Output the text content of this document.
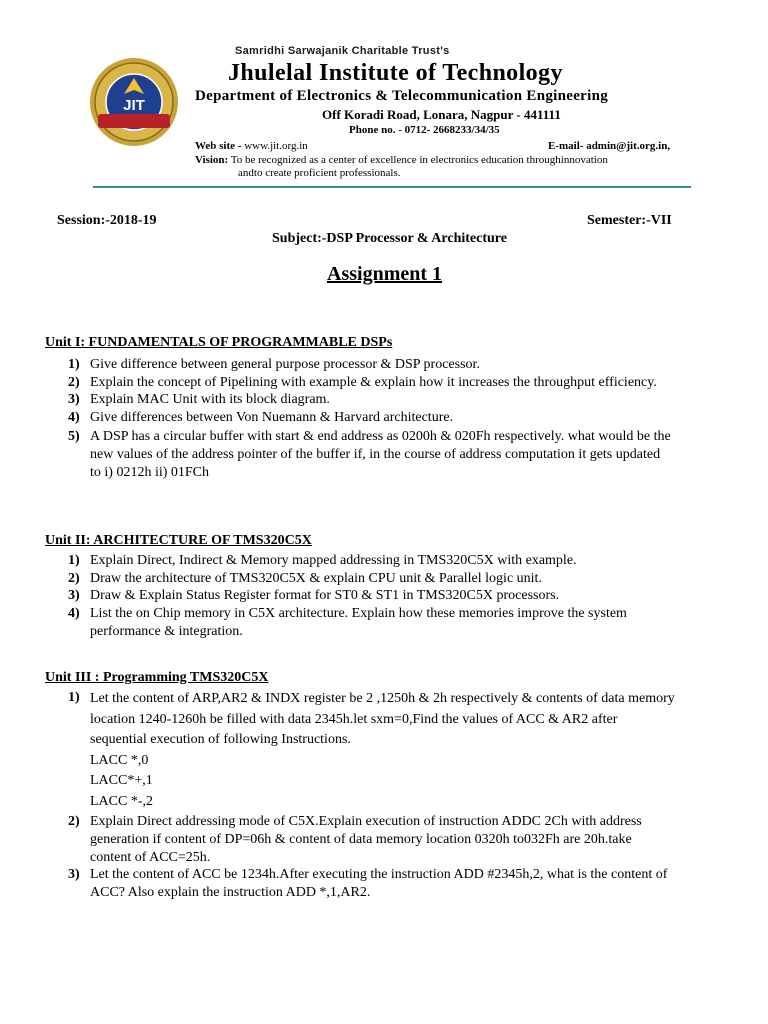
JIT
Samridhi Sarwajanik Charitable Trust's
Jhulelal Institute of Technology
Department of Electronics & Telecommunication Engineering
Off Koradi Road, Lonara, Nagpur - 441111
Phone no. - 0712- 2668233/34/35
Web site - www.jit.org.in	E-mail- admin@jit.org.in,
Vision: To be recognized as a center of excellence in electronics education throughinnovation
andto create proficient professionals.
Session:-2018-19	Semester:-VII
Subject:-DSP Processor & Architecture
Assignment 1
Unit I: FUNDAMENTALS OF PROGRAMMABLE DSPs
1) Give difference between general purpose processor & DSP processor.
2) Explain the concept of Pipelining with example & explain how it increases the throughput efficiency.
3) Explain MAC Unit with its block diagram.
4) Give differences between Von Nuemann & Harvard architecture.
5) A DSP has a circular buffer with start & end address as 0200h & 020Fh respectively. what would be the
new values of the address pointer of the buffer if, in the course of address computation it gets updated
to i) 0212h ii) 01FCh
Unit II: ARCHITECTURE OF TMS320C5X
1) Explain Direct, Indirect & Memory mapped addressing in TMS320C5X with example.
2) Draw the architecture of TMS320C5X & explain CPU unit & Parallel logic unit.
3) Draw & Explain Status Register format for ST0 & ST1 in TMS320C5X processors.
4) List the on Chip memory in C5X architecture. Explain how these memories improve the system
performance & integration.
Unit III : Programming TMS320C5X
1) Let the content of ARP,AR2 & INDX register be 2 ,1250h & 2h respectively & contents of data memory
location 1240-1260h be filled with data 2345h.let sxm=0,Find the values of ACC & AR2 after
sequential execution of following Instructions.
LACC *,0
LACC*+,1
LACC *-,2
2) Explain Direct addressing mode of C5X.Explain execution of instruction ADDC 2Ch with address
generation if content of DP=06h & content of data memory location 0320h to032Fh are 20h.take
content of ACC=25h.
3) Let the content of ACC be 1234h.After executing the instruction ADD #2345h,2, what is the content of
ACC? Also explain the instruction ADD *,1,AR2.
